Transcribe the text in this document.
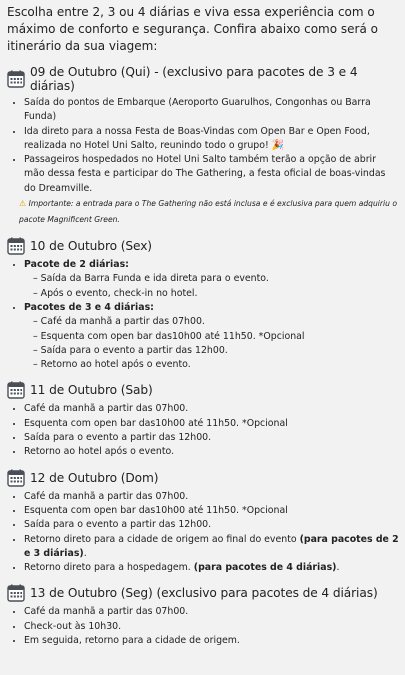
Escolha entre 2, 3 ou 4 diárias e viva essa experiência com o máximo de conforto e segurança. Confira abaixo como será o itinerário da sua viagem:

09 de Outubro (Qui) - (exclusivo para pacotes de 3 e 4 diárias)
• Saída do pontos de Embarque (Aeroporto Guarulhos, Congonhas ou Barra Funda)
• Ida direto para a nossa Festa de Boas-Vindas com Open Bar e Open Food, realizada no Hotel Uni Salto, reunindo todo o grupo! 🎉
• Passageiros hospedados no Hotel Uni Salto também terão a opção de abrir mão dessa festa e participar do The Gathering, a festa oficial de boas-vindas do Dreamville.
⚠ Importante: a entrada para o The Gathering não está inclusa e é exclusiva para quem adquiriu o pacote Magnificent Green.
10 de Outubro (Sex)
• Pacote de 2 diárias:
– Saída da Barra Funda e ida direta para o evento.
– Após o evento, check-in no hotel.
• Pacotes de 3 e 4 diárias:
– Café da manhã a partir das 07h00.
– Esquenta com open bar das10h00 até 11h50. *Opcional
– Saída para o evento a partir das 12h00.
– Retorno ao hotel após o evento.
11 de Outubro (Sab)
• Café da manhã a partir das 07h00.
• Esquenta com open bar das10h00 até 11h50. *Opcional
• Saída para o evento a partir das 12h00.
• Retorno ao hotel após o evento.
12 de Outubro (Dom)
• Café da manhã a partir das 07h00.
• Esquenta com open bar das10h00 até 11h50. *Opcional
• Saída para o evento a partir das 12h00.
• Retorno direto para a cidade de origem ao final do evento (para pacotes de 2 e 3 diárias).
• Retorno direto para a hospedagem. (para pacotes de 4 diárias).
13 de Outubro (Seg) (exclusivo para pacotes de 4 diárias)
• Café da manhã a partir das 07h00.
• Check-out às 10h30.
• Em seguida, retorno para a cidade de origem.
